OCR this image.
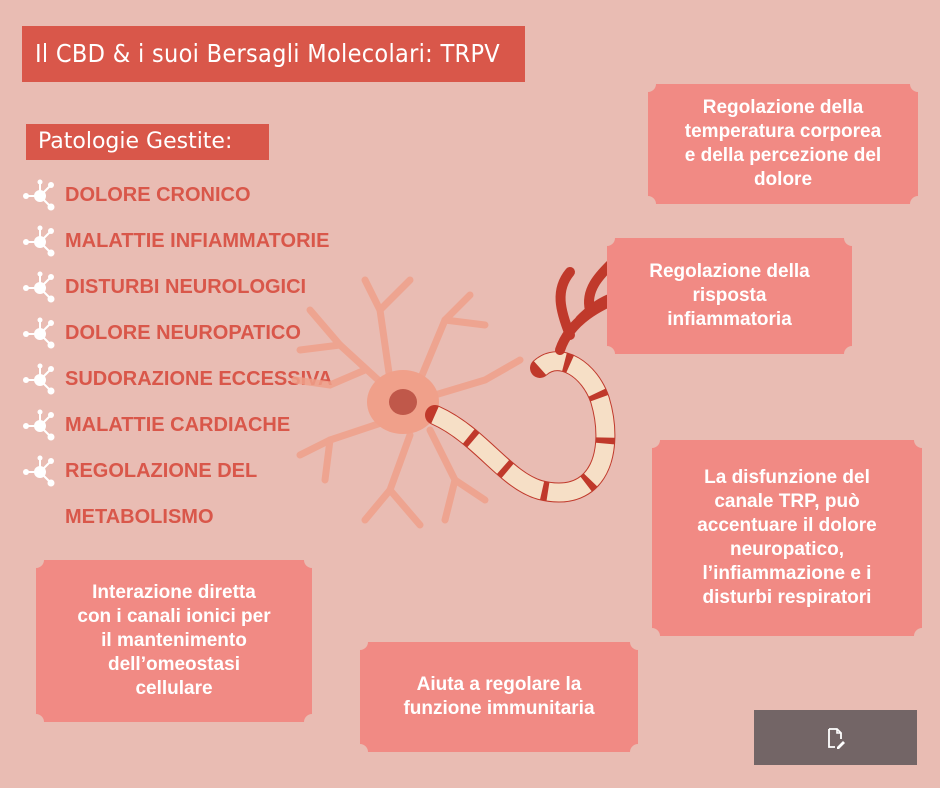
Il CBD & i suoi Bersagli Molecolari: TRPV
Patologie Gestite:
DOLORE CRONICO
MALATTIE INFIAMMATORIE
DISTURBI NEUROLOGICI
DOLORE NEUROPATICO
SUDORAZIONE ECCESSIVA
MALATTIE CARDIACHE
REGOLAZIONE DEL
METABOLISMO
Regolazione della
temperatura corporea
e della percezione del
dolore
Regolazione della
risposta
infiammatoria
La disfunzione del
canale TRP, può
accentuare il dolore
neuropatico,
l’infiammazione e i
disturbi respiratori
Interazione diretta
con i canali ionici per
il mantenimento
dell’omeostasi
cellulare	Aiuta a regolare la
funzione immunitaria
